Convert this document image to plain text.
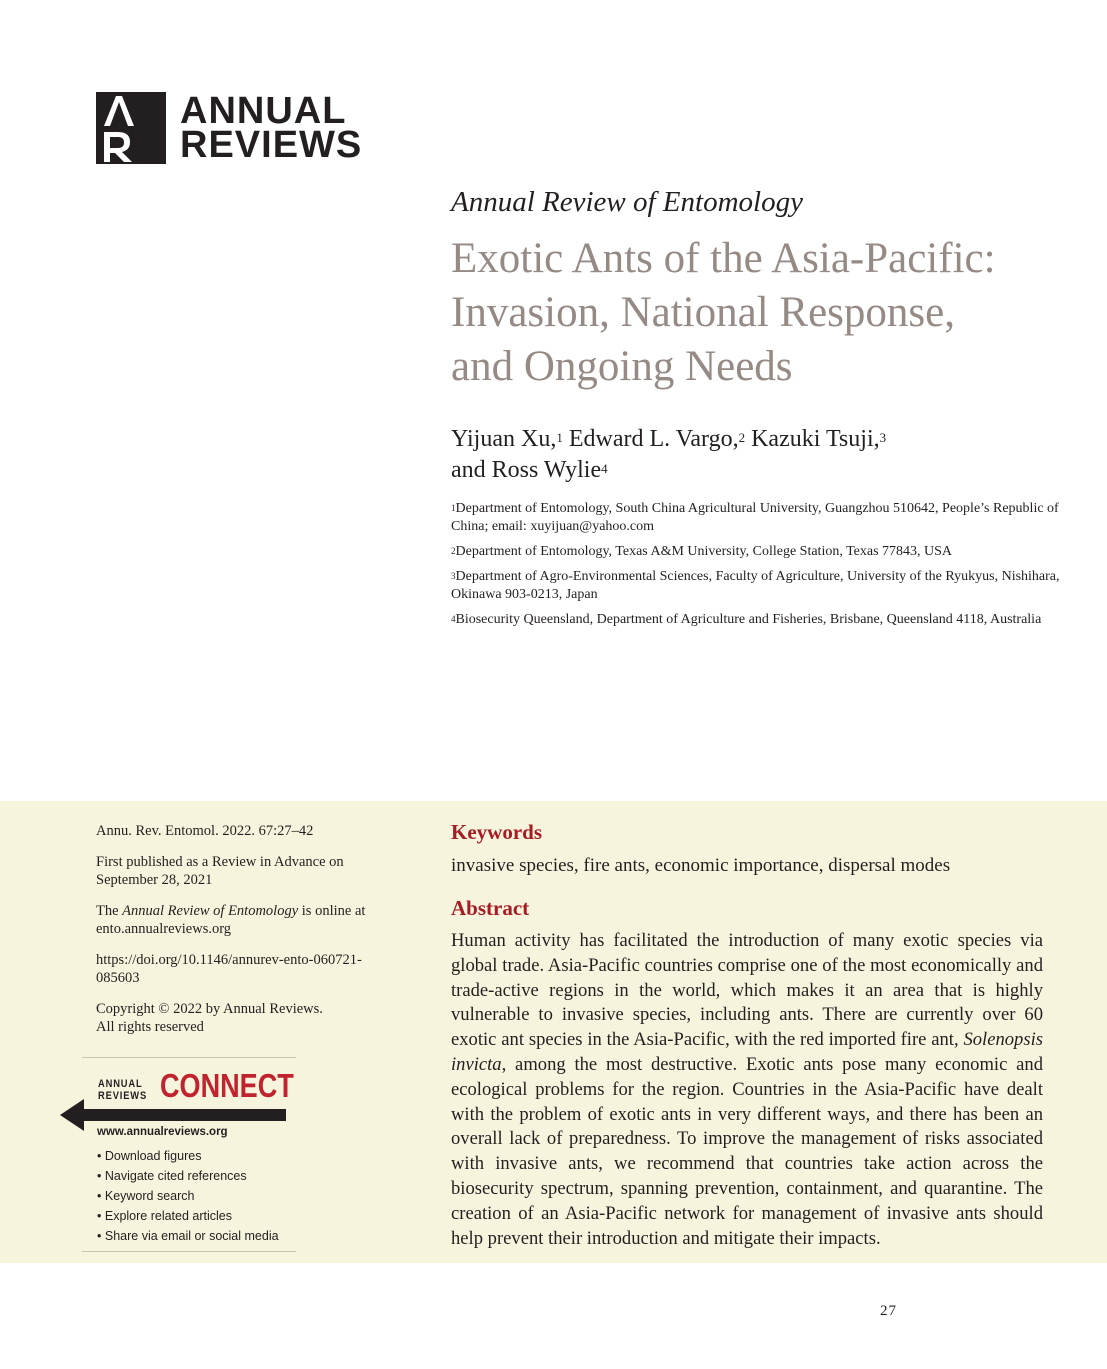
ANNUAL
REVIEWS
Annual Review of Entomology
Exotic Ants of the Asia-Pacific:
Invasion, National Response,
and Ongoing Needs
Yijuan Xu,$^1$ Edward L. Vargo,$^2$ Kazuki Tsuji,$^3$
and Ross Wylie$^4$
$^1$Department of Entomology, South China Agricultural University, Guangzhou 510642, People’s Republic of China; email: xuyijuan@yahoo.com
$^2$Department of Entomology, Texas A&M University, College Station, Texas 77843, USA
$^3$Department of Agro-Environmental Sciences, Faculty of Agriculture, University of the Ryukyus, Nishihara, Okinawa 903-0213, Japan
$^4$Biosecurity Queensland, Department of Agriculture and Fisheries, Brisbane, Queensland 4118, Australia

Annu. Rev. Entomol. 2022. 67:27–42

First published as a Review in Advance on September 28, 2021

The Annual Review of Entomology is online at ento.annualreviews.org

https://doi.org/10.1146/annurev-ento-060721-085603

Copyright © 2022 by Annual Reviews.
All rights reserved

ANNUAL
REVIEWS CONNECT
www.annualreviews.org
• Download figures
• Navigate cited references
• Keyword search
• Explore related articles
• Share via email or social media
Keywords
invasive species, fire ants, economic importance, dispersal modes
Abstract
Human activity has facilitated the introduction of many exotic species via global trade. Asia-Pacific countries comprise one of the most economically and trade-active regions in the world, which makes it an area that is highly vulnerable to invasive species, including ants. There are currently over 60 exotic ant species in the Asia-Pacific, with the red imported fire ant, Solenopsis invicta, among the most destructive. Exotic ants pose many economic and ecological problems for the region. Countries in the Asia-Pacific have dealt with the problem of exotic ants in very different ways, and there has been an overall lack of preparedness. To improve the management of risks associated with invasive ants, we recommend that countries take action across the biosecurity spectrum, spanning prevention, containment, and quarantine. The creation of an Asia-Pacific network for management of invasive ants should help prevent their introduction and mitigate their impacts.
27
